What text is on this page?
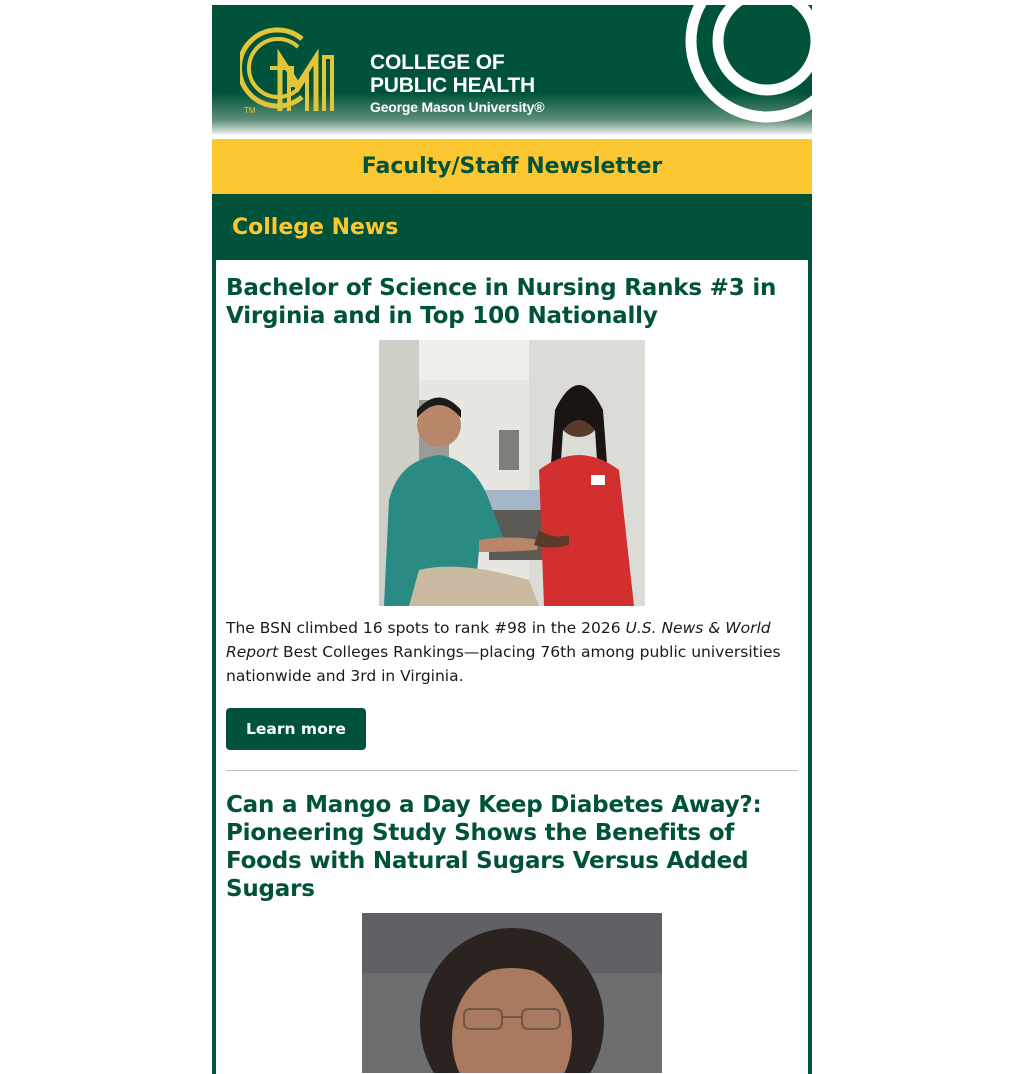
TM
COLLEGE OF
PUBLIC HEALTH
George Mason University®
Faculty/Staff Newsletter
College News
Bachelor of Science in Nursing Ranks #3 in Virginia and in Top 100 Nationally

The BSN climbed 16 spots to rank #98 in the 2026 U.S. News & World Report Best Colleges Rankings—placing 76th among public universities nationwide and 3rd in Virginia.

Learn more
Can a Mango a Day Keep Diabetes Away?: Pioneering Study Shows the Benefits of Foods with Natural Sugars Versus Added Sugars
